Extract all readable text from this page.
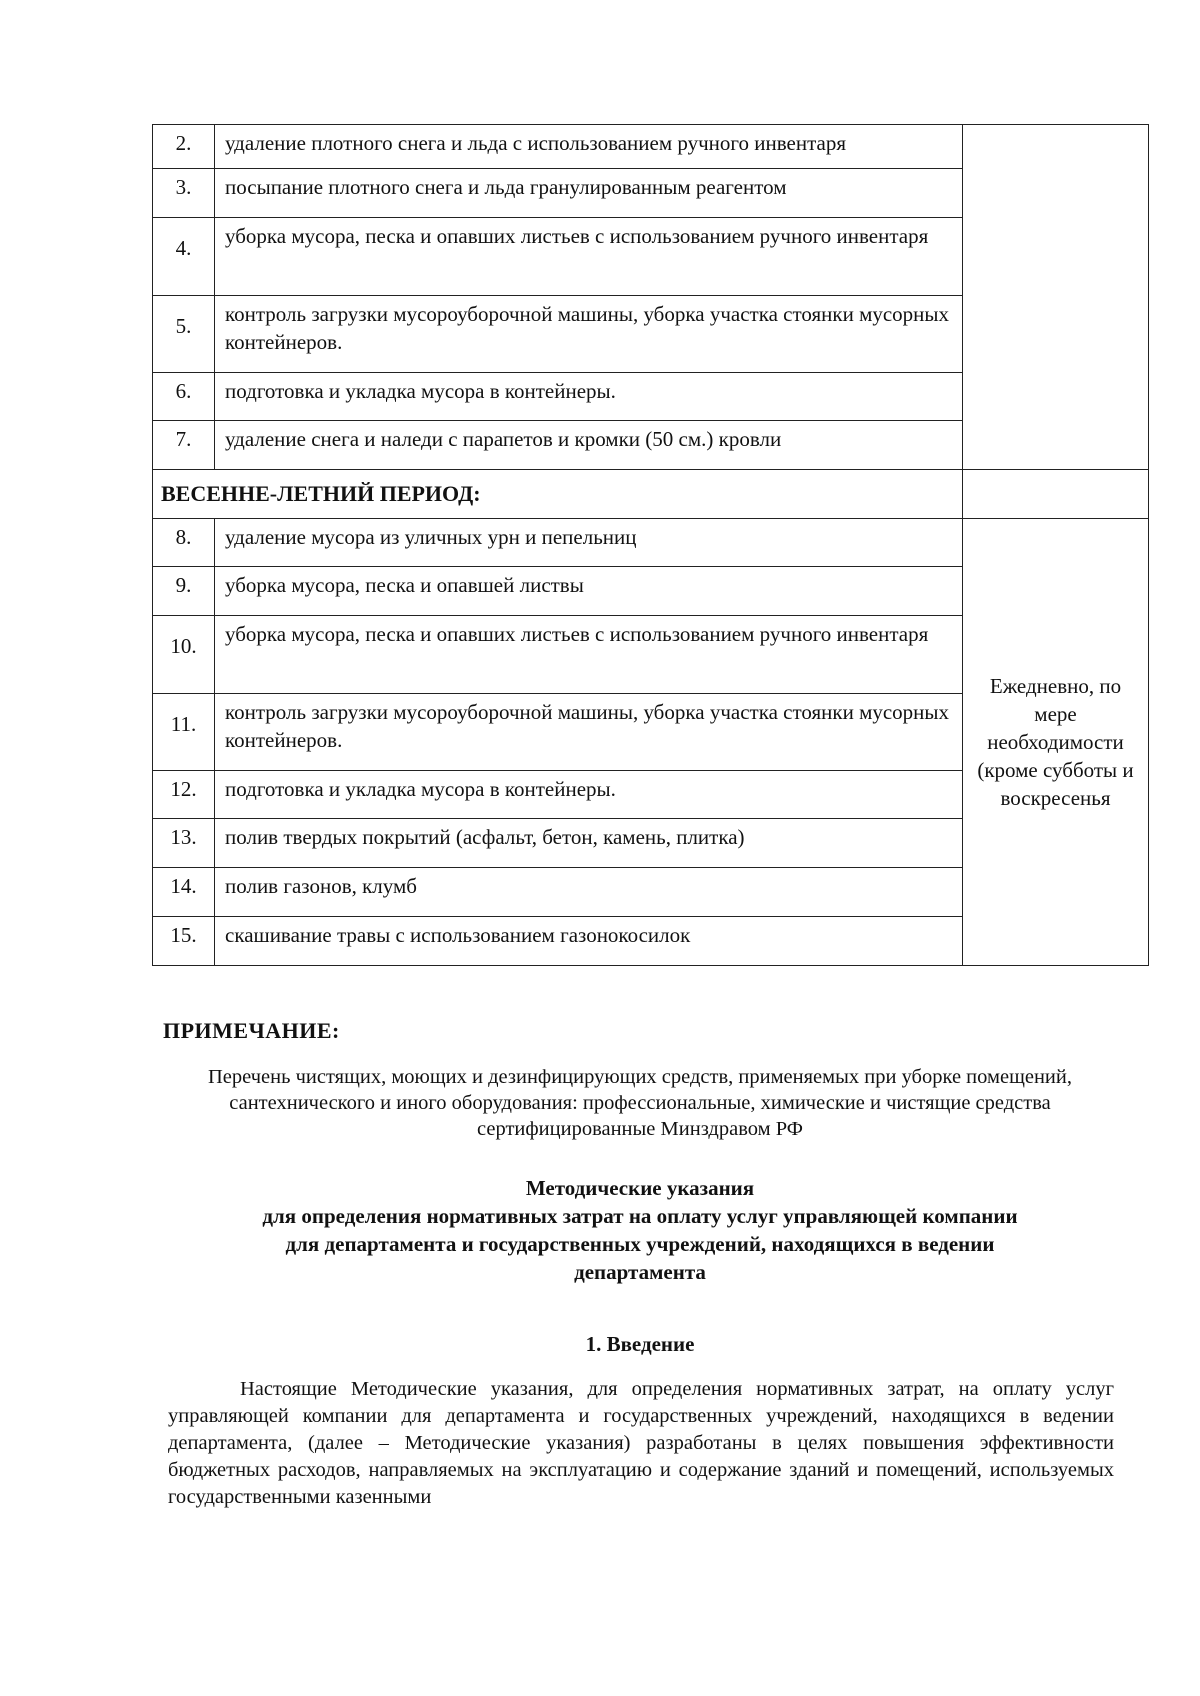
2.	удаление плотного снега и льда с использованием ручного инвентаря	
3.	посыпание плотного снега и льда гранулированным реагентом	
4.	уборка мусора, песка и опавших листьев с использованием ручного инвентаря	
5.	контроль загрузки мусороуборочной машины, уборка участка стоянки мусорных контейнеров.	
6.	подготовка и укладка мусора в контейнеры.	
7.	удаление снега и наледи с парапетов и кромки (50 см.) кровли	
ВЕСЕННЕ-ЛЕТНИЙ ПЕРИОД:		
8.	удаление мусора из уличных урн и пепельниц	Ежедневно, по мере необходимости (кроме субботы и воскресенья
9.	уборка мусора, песка и опавшей листвы	
10.	уборка мусора, песка и опавших листьев с использованием ручного инвентаря	
11.	контроль загрузки мусороуборочной машины, уборка участка стоянки мусорных контейнеров.	
12.	подготовка и укладка мусора в контейнеры.	
13.	полив твердых покрытий (асфальт, бетон, камень, плитка)	
14.	полив газонов, клумб	
15.	скашивание травы с использованием газонокосилок	
ПРИМЕЧАНИЕ:
Перечень чистящих, моющих и дезинфицирующих средств, применяемых при уборке помещений, сантехнического и иного оборудования: профессиональные, химические и чистящие средства сертифицированные Минздравом РФ
Методические указания
для определения нормативных затрат на оплату услуг управляющей компании
для департамента и государственных учреждений, находящихся в ведении
департамента
1. Введение
Настоящие Методические указания, для определения нормативных затрат, на оплату услуг управляющей компании для департамента и государственных учреждений, находящихся в ведении департамента, (далее – Методические указания) разработаны в целях повышения эффективности бюджетных расходов, направляемых на эксплуатацию и содержание зданий и помещений, используемых государственными казенными
